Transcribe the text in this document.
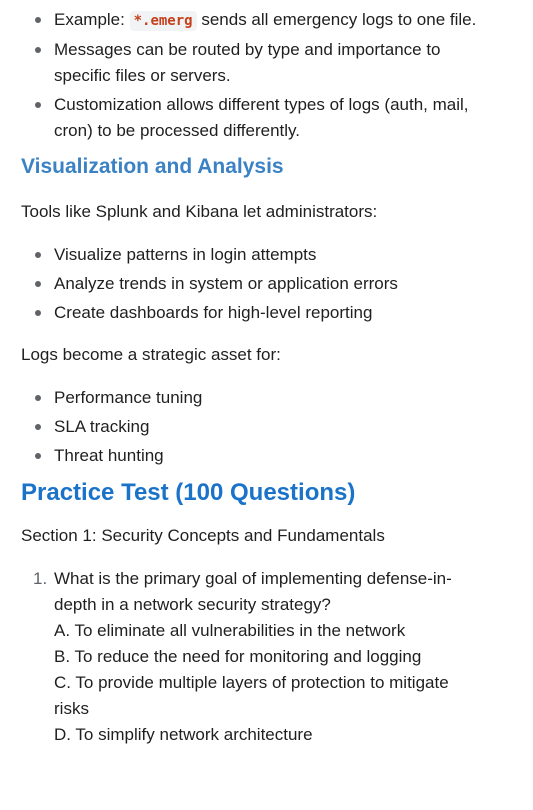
Example: *.emerg sends all emergency logs to one file.
Messages can be routed by type and importance to
specific files or servers.
Customization allows different types of logs (auth, mail,
cron) to be processed differently.
Visualization and Analysis

Tools like Splunk and Kibana let administrators:

Visualize patterns in login attempts
Analyze trends in system or application errors
Create dashboards for high-level reporting

Logs become a strategic asset for:

Performance tuning
SLA tracking
Threat hunting
Practice Test (100 Questions)

Section 1: Security Concepts and Fundamentals

1. What is the primary goal of implementing defense-in-
depth in a network security strategy?
A. To eliminate all vulnerabilities in the network
B. To reduce the need for monitoring and logging
C. To provide multiple layers of protection to mitigate
risks
D. To simplify network architecture
